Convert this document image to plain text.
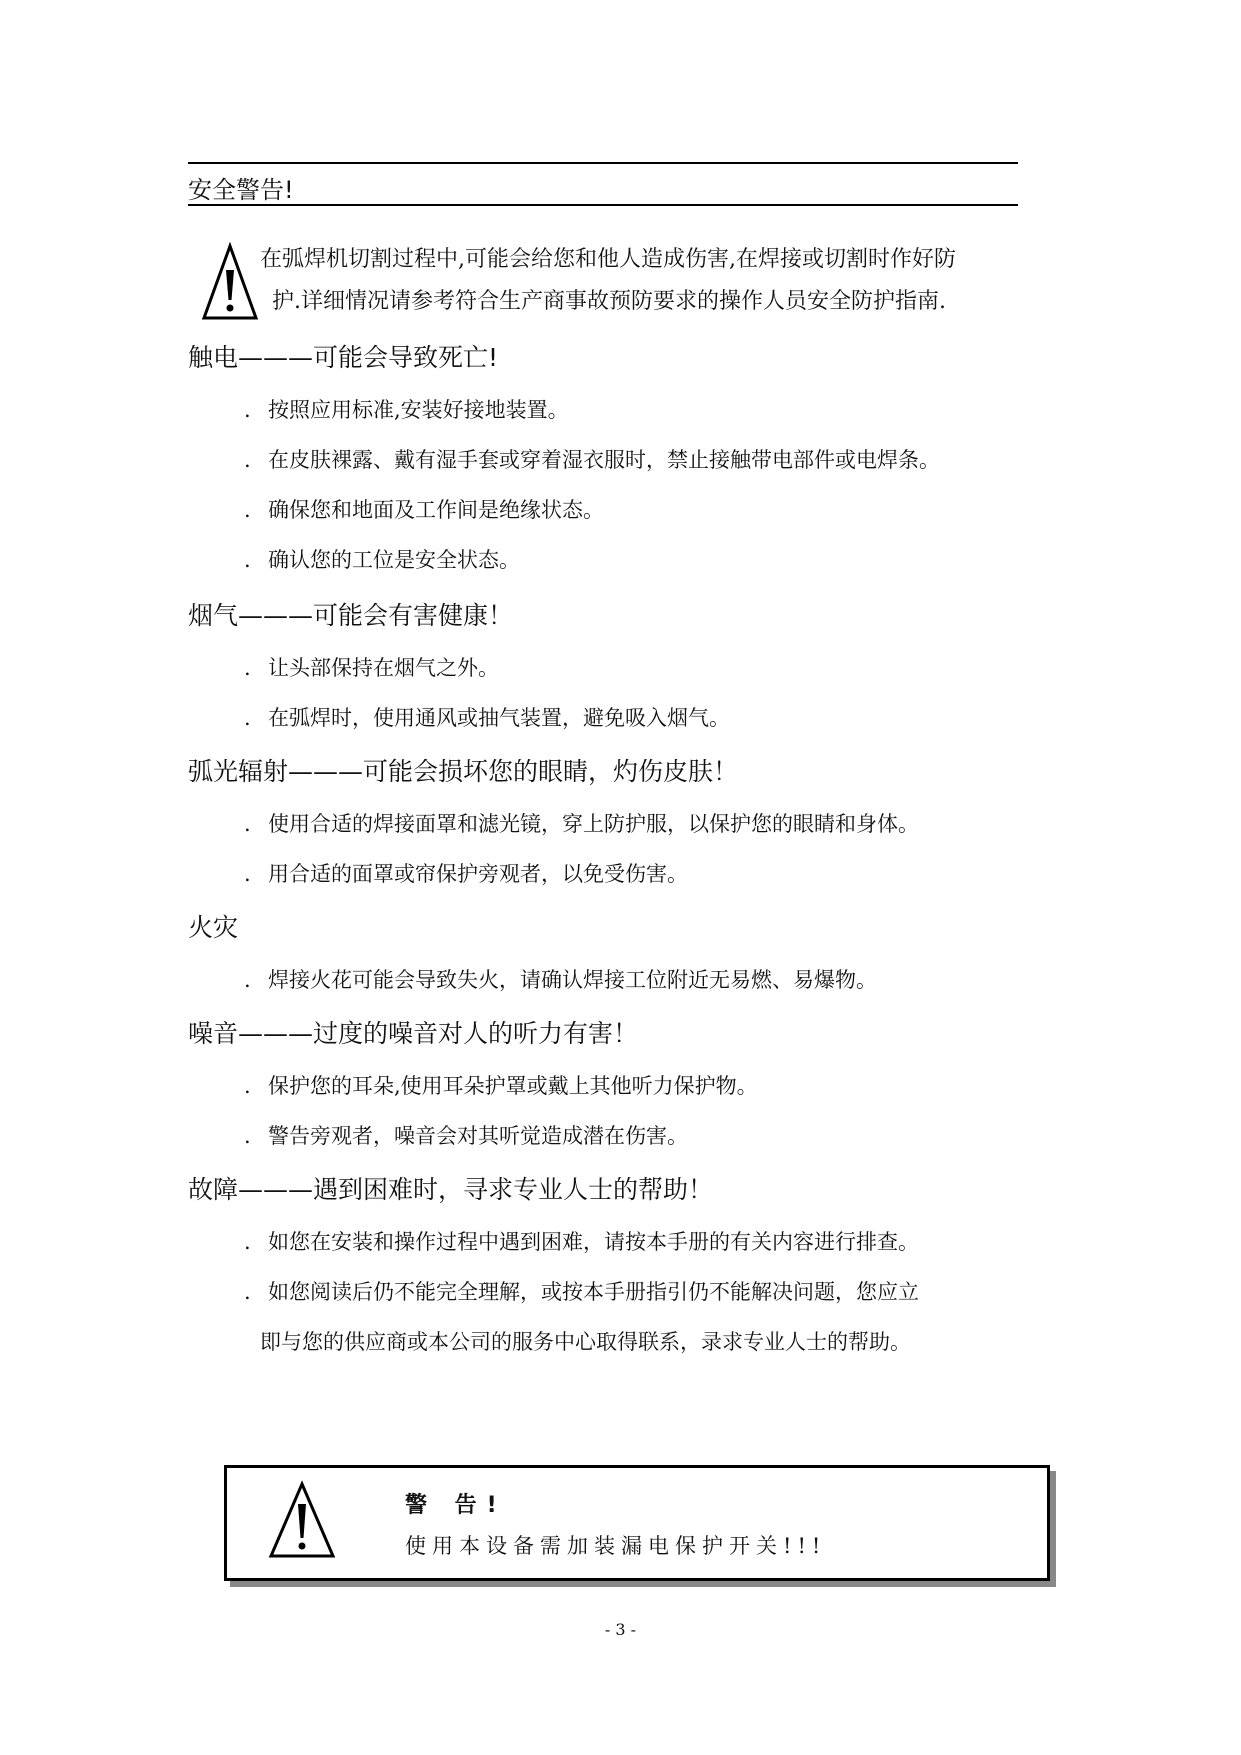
安全警告!
在弧焊机切割过程中,可能会给您和他人造成伤害,在焊接或切割时作好防
护.详细情况请参考符合生产商事故预防要求的操作人员安全防护指南.
触电———可能会导致死亡!
. 按照应用标准,安装好接地装置。
. 在皮肤裸露、戴有湿手套或穿着湿衣服时，禁止接触带电部件或电焊条。
. 确保您和地面及工作间是绝缘状态。
. 确认您的工位是安全状态。
烟气———可能会有害健康！
. 让头部保持在烟气之外。
. 在弧焊时，使用通风或抽气装置，避免吸入烟气。
弧光辐射———可能会损坏您的眼睛，灼伤皮肤！
. 使用合适的焊接面罩和滤光镜，穿上防护服，以保护您的眼睛和身体。
. 用合适的面罩或帘保护旁观者，以免受伤害。
火灾
. 焊接火花可能会导致失火，请确认焊接工位附近无易燃、易爆物。
噪音———过度的噪音对人的听力有害！
. 保护您的耳朵,使用耳朵护罩或戴上其他听力保护物。
. 警告旁观者，噪音会对其听觉造成潜在伤害。
故障———遇到困难时，寻求专业人士的帮助！
. 如您在安装和操作过程中遇到困难，请按本手册的有关内容进行排查。
. 如您阅读后仍不能完全理解，或按本手册指引仍不能解决问题，您应立
即与您的供应商或本公司的服务中心取得联系，录求专业人士的帮助。
警 告!
使用本设备需加装漏电保护开关!!!
- 3 -
